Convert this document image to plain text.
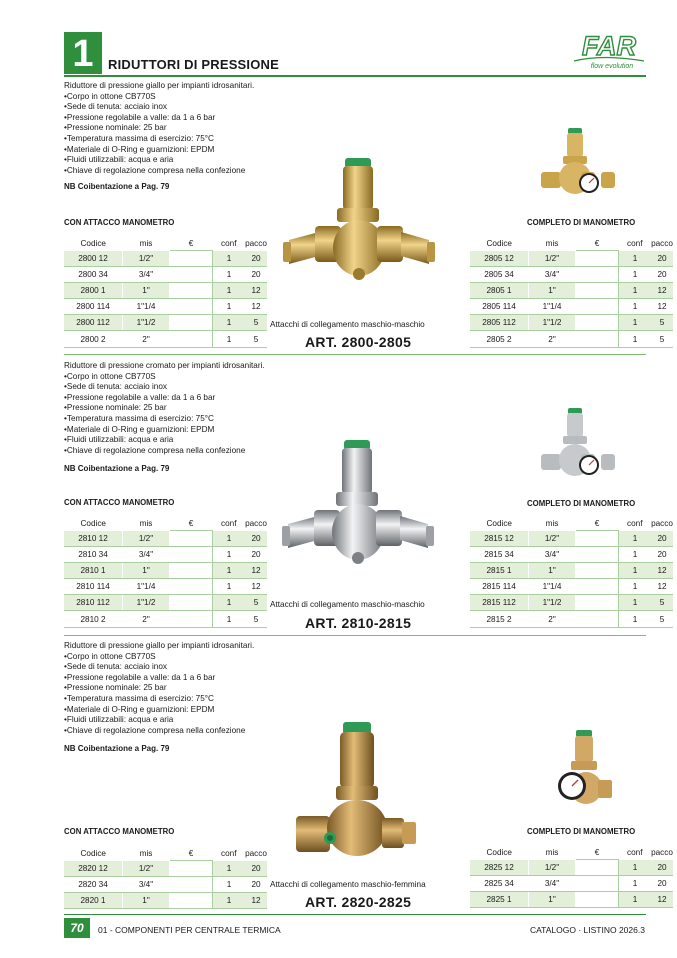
1	RIDUTTORI DI PRESSIONE
FAR
flow evolution
Riduttore di pressione giallo per impianti idrosanitari.
• Corpo in ottone CB770S
• Sede di tenuta: acciaio inox
• Pressione regolabile a valle: da 1 a 6 bar
• Pressione nominale: 25 bar
• Temperatura massima di esercizio: 75°C
• Materiale di O-Ring e guarnizioni: EPDM
• Fluidi utilizzabili: acqua e aria
• Chiave di regolazione compresa nella confezione
NB Coibentazione a Pag. 79
CON ATTACCO MANOMETRO	COMPLETO DI MANOMETRO
Codice	mis	€	conf	pacco
2800 12	1/2"		1	20
2800 34	3/4"		1	20
2800 1	1"		1	12
2800 114	1"1/4		1	12
2800 112	1"1/2		1	5
2800 2	2"		1	5
Codice	mis	€	conf	pacco
2805 12	1/2"		1	20
2805 34	3/4"		1	20
2805 1	1"		1	12
2805 114	1"1/4		1	12
2805 112	1"1/2		1	5
2805 2	2"		1	5
Attacchi di collegamento maschio-maschio
ART. 2800-2805
Riduttore di pressione cromato per impianti idrosanitari.
• Corpo in ottone CB770S
• Sede di tenuta: acciaio inox
• Pressione regolabile a valle: da 1 a 6 bar
• Pressione nominale: 25 bar
• Temperatura massima di esercizio: 75°C
• Materiale di O-Ring e guarnizioni: EPDM
• Fluidi utilizzabili: acqua e aria
• Chiave di regolazione compresa nella confezione
NB Coibentazione a Pag. 79
CON ATTACCO MANOMETRO	COMPLETO DI MANOMETRO
Codice	mis	€	conf	pacco
2810 12	1/2"		1	20
2810 34	3/4"		1	20
2810 1	1"		1	12
2810 114	1"1/4		1	12
2810 112	1"1/2		1	5
2810 2	2"		1	5
Codice	mis	€	conf	pacco
2815 12	1/2"		1	20
2815 34	3/4"		1	20
2815 1	1"		1	12
2815 114	1"1/4		1	12
2815 112	1"1/2		1	5
2815 2	2"		1	5
Attacchi di collegamento maschio-maschio
ART. 2810-2815
Riduttore di pressione giallo per impianti idrosanitari.
• Corpo in ottone CB770S
• Sede di tenuta: acciaio inox
• Pressione regolabile a valle: da 1 a 6 bar
• Pressione nominale: 25 bar
• Temperatura massima di esercizio: 75°C
• Materiale di O-Ring e guarnizioni: EPDM
• Fluidi utilizzabili: acqua e aria
• Chiave di regolazione compresa nella confezione
NB Coibentazione a Pag. 79
CON ATTACCO MANOMETRO	COMPLETO DI MANOMETRO
Codice	mis	€	conf	pacco
2820 12	1/2"		1	20
2820 34	3/4"		1	20
2820 1	1"		1	12
Codice	mis	€	conf	pacco
2825 12	1/2"		1	20
2825 34	3/4"		1	20
2825 1	1"		1	12
Attacchi di collegamento maschio-femmina
ART. 2820-2825
70	01 - COMPONENTI PER CENTRALE TERMICA	CATALOGO · LISTINO 2026.3
